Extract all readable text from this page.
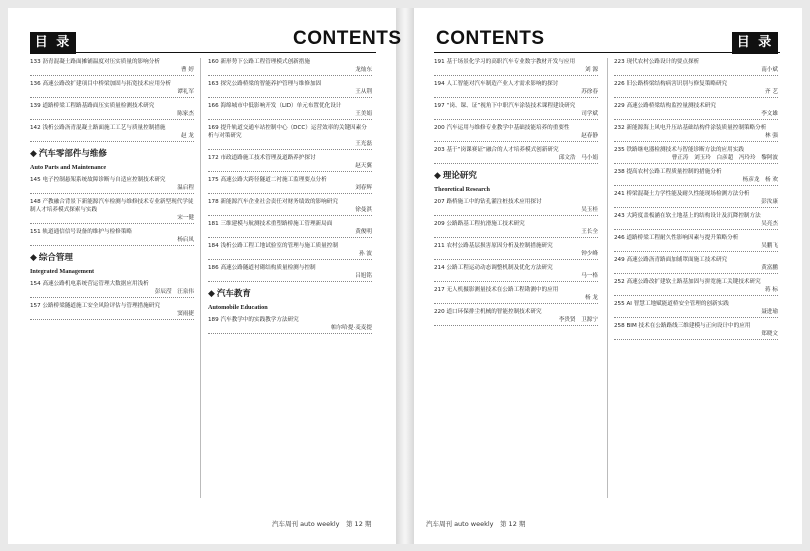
目 录	CONTENTS
133 沥青混凝土路面摊铺温度对压实质量的影响分析
曹 婷
136 高速公路改扩建项目中桥梁加固与拓宽技术应用分析
谭礼军
139 道路桥梁工程路基路面压实质量检测技术研究
陈家杰
142 浅析公路沥青混凝土路面施工工艺与质量控制措施
赵 龙
◆ 汽车零部件与维修
Auto Parts and Maintenance
145 电子控制悬架系统故障诊断与自适应控制技术研究
温启程
148 产教融合背景下新能源汽车检测与维修技术专业新型现代学徒制人才培养模式探索与实践
宋一健
151 轨道通信信号设备的维护与检修策略
杨启凤
◆ 综合管理
Integrated Management
154 高速公路机电系统营运管理大数据应用浅析
彭辰滢　汪泉伟
157 公路桥梁隧道施工安全风险评估与管理措施研究
窦雨捷
160 新形势下公路工程管理模式创新措施
龙灿东
163 探究公路桥梁的智能养护管理与维修加固
王从荆
166 海绵城市中低影响开发（LID）单元布置优化设计
王美娟
169 提升轨道交通车站控制中心（DCC）运营效率的关键因素分析与对策研究
王光磊
172 市政道路施工技术管理及道路养护探讨
赵天翼
175 高速公路大跨径隧道二衬施工监理要点分析
刘春辉
178 新能源汽车企业社会责任对财务绩效的影响研究
徐曼淇
181 三维建模与航测技术重塑路桥施工管理新局面
黄俊明
184 浅析公路工程工地试验室的管理与施工质量控制
孙 波
186 高速公路隧道衬砌结构质量检测与控制
吕旭铭
◆ 汽车教育
Automobile Education
189 汽车教学中的实践教学方法研究
帕尔哈提·麦麦提
汽车周刊 auto weekly　第 12 期
CONTENTS	目 录
191 基于场景化学习的高职汽车专业数字教材开发与应用
刘 源
194 人工智能对汽车制造产业人才需求影响的探讨
苏徐春
197 “岗、课、证”视角下中职汽车涂装技术课程建设研究
司学斌
200 汽车运用与维修专业教学中基础技能培养的重要性
赵春静
203 基于“岗课赛证”融合的人才培养模式创新研究
邱文浩　马小娟
◆ 理论研究
Theoretical Research
207 路桥施工中的钻孔灌注桩技术应用探讨
吴玉桂
209 公路路基工程抗滑施工技术研究
王长全
211 农村公路基层损害原因分析及控制措施研究
钟少峰
214 公路工程运动动态调整机制及优化方法研究
马一格
217 无人机摄影测量技术在公路工程勘测中的应用
杨 龙
220 道口环保排尘机械的智能控制技术研究
李贵贤　卫源宁
223 现代农村公路设计的要点探析
南小斌
226 旧公路桥梁结构病害识别与修复策略研究
齐 艺
229 高速公路桥梁结构监控量测技术研究
李文雄
232 新能源海上风电升压站基础结构件涂装质量控制策略分析
林 强
235 铁路继电器检测技术与智能诊断方法的应用实践
曹正涛　刘玉玲　白彦超　冯玲玲　黎阿波
238 提高农村公路工程质量控制的措施分析
杨彦龙　杨 欢
241 桥梁混凝土力学性能及耐久性能现场检测方法分析
彭汝康
243 大跨度盖板涵在软土地基上的结构设计及沉降控制方法
吴亮杰
246 道路桥梁工程耐久性影响因素与提升策略分析
吴鹏飞
249 高速公路沥青路面加铺罩面施工技术研究
黄富鹏
252 高速公路改扩建软土路基加固与拼宽施工关键技术研究
蒋 标
255 AI 智慧工地赋能道桥安全管理的创新实践
聂进瑜
258 BIM 技术在公路路线三维建模与正向设计中的应用
郑晓文
汽车周刊 auto weekly　第 12 期
